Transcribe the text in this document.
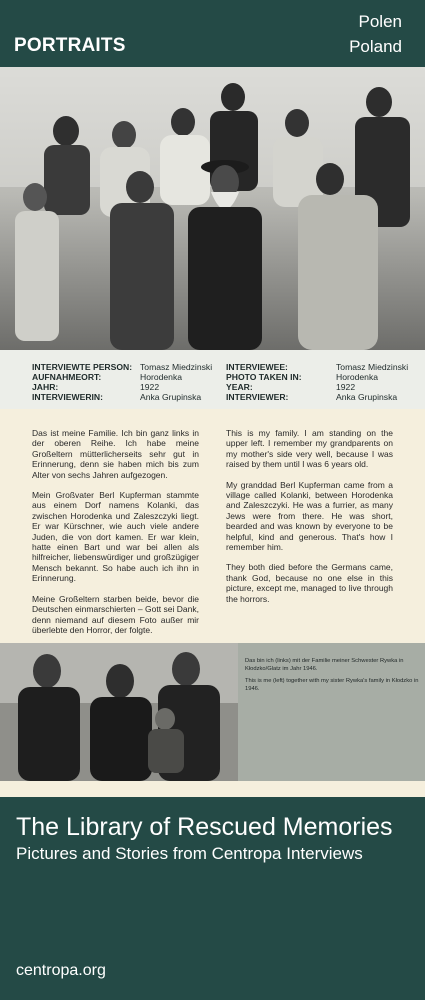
PORTRAITS
Polen
Poland
INTERVIEWTE PERSON: Tomasz Miedzinski
AUFNAHMEORT:	Horodenka
JAHR:	1922
INTERVIEWERIN:	Anka Grupinska
INTERVIEWEE:	Tomasz Miedzinski
PHOTO TAKEN IN:	Horodenka
YEAR:	1922
INTERVIEWER:	Anka Grupinska

Das ist meine Familie. Ich bin ganz links in der oberen Reihe. Ich habe meine Großeltern mütterlicherseits sehr gut in Erinnerung, denn sie haben mich bis zum Alter von sechs Jahren aufgezogen.

Mein Großvater Berl Kupferman stammte aus einem Dorf namens Kolanki, das zwischen Horodenka und Zaleszczyki liegt. Er war Kürschner, wie auch viele andere Juden, die von dort kamen. Er war klein, hatte einen Bart und war bei allen als hilfreicher, liebenswürdiger und großzügiger Mensch bekannt. So habe auch ich ihn in Erinnerung.

Meine Großeltern starben beide, bevor die Deutschen einmarschierten – Gott sei Dank, denn niemand auf diesem Foto außer mir überlebte den Horror, der folgte.

This is my family. I am standing on the upper left. I remember my grandparents on my mother's side very well, because I was raised by them until I was 6 years old.

My granddad Berl Kupferman came from a village called Kolanki, between Horodenka and Zaleszczyki. He was a furrier, as many Jews were from there. He was short, bearded and was known by everyone to be helpful, kind and generous. That's how I remember him.

They both died before the Germans came, thank God, because no one else in this picture, except me, managed to live through the horrors.

Das bin ich (links) mit der Familie meiner Schwester Rywka in Kłodzko/Glatz im Jahr 1946.

This is me (left) together with my sister Rywka's family in Kłodzko in 1946.

The Library of Rescued Memories
Pictures and Stories from Centropa Interviews
centropa.org
